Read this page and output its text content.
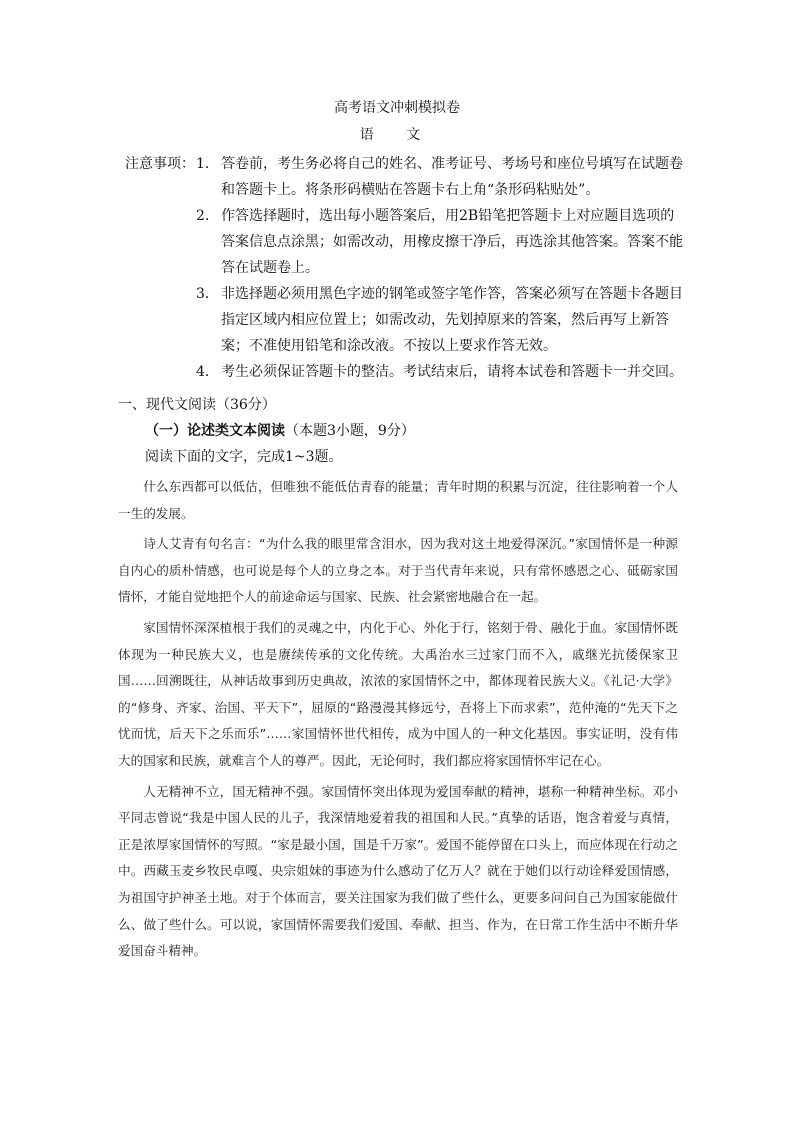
高考语文冲刺模拟卷
语 文
注意事项： 1． 答卷前，考生务必将自己的姓名、准考证号、考场号和座位号填写在试题卷和答题卡上。将条形码横贴在答题卡右上角“条形码粘贴处”。
2． 作答选择题时，选出每小题答案后，用2B铅笔把答题卡上对应题目选项的答案信息点涂黑；如需改动，用橡皮擦干净后，再选涂其他答案。答案不能答在试题卷上。
3． 非选择题必须用黑色字迹的钢笔或签字笔作答，答案必须写在答题卡各题目指定区域内相应位置上；如需改动，先划掉原来的答案，然后再写上新答案；不准使用铅笔和涂改液。不按以上要求作答无效。
4． 考生必须保证答题卡的整洁。考试结束后，请将本试卷和答题卡一并交回。
一、现代文阅读（36分）
（一）论述类文本阅读（本题3小题，9分）
阅读下面的文字，完成1~3题。

什么东西都可以低估，但唯独不能低估青春的能量；青年时期的积累与沉淀，往往影响着一个人一生的发展。

诗人艾青有句名言：“为什么我的眼里常含泪水，因为我对这土地爱得深沉。”家国情怀是一种源自内心的质朴情感，也可说是每个人的立身之本。对于当代青年来说，只有常怀感恩之心、砥砺家国情怀，才能自觉地把个人的前途命运与国家、民族、社会紧密地融合在一起。

家国情怀深深植根于我们的灵魂之中，内化于心、外化于行，铭刻于骨、融化于血。家国情怀既体现为一种民族大义，也是赓续传承的文化传统。大禹治水三过家门而不入，戚继光抗倭保家卫国……回溯既往，从神话故事到历史典故，浓浓的家国情怀之中，都体现着民族大义。《礼记·大学》的“修身、齐家、治国、平天下”，屈原的“路漫漫其修远兮，吾将上下而求索”，范仲淹的“先天下之忧而忧，后天下之乐而乐”……家国情怀世代相传，成为中国人的一种文化基因。事实证明，没有伟大的国家和民族，就难言个人的尊严。因此，无论何时，我们都应将家国情怀牢记在心。

人无精神不立，国无精神不强。家国情怀突出体现为爱国奉献的精神，堪称一种精神坐标。邓小平同志曾说“我是中国人民的儿子，我深情地爱着我的祖国和人民。”真挚的话语，饱含着爱与真情，正是浓厚家国情怀的写照。“家是最小国，国是千万家”。爱国不能停留在口头上，而应体现在行动之中。西藏玉麦乡牧民卓嘎、央宗姐妹的事迹为什么感动了亿万人？就在于她们以行动诠释爱国情感，为祖国守护神圣土地。对于个体而言，要关注国家为我们做了些什么，更要多问问自己为国家能做什么、做了些什么。可以说，家国情怀需要我们爱国、奉献、担当、作为，在日常工作生活中不断升华爱国奋斗精神。
